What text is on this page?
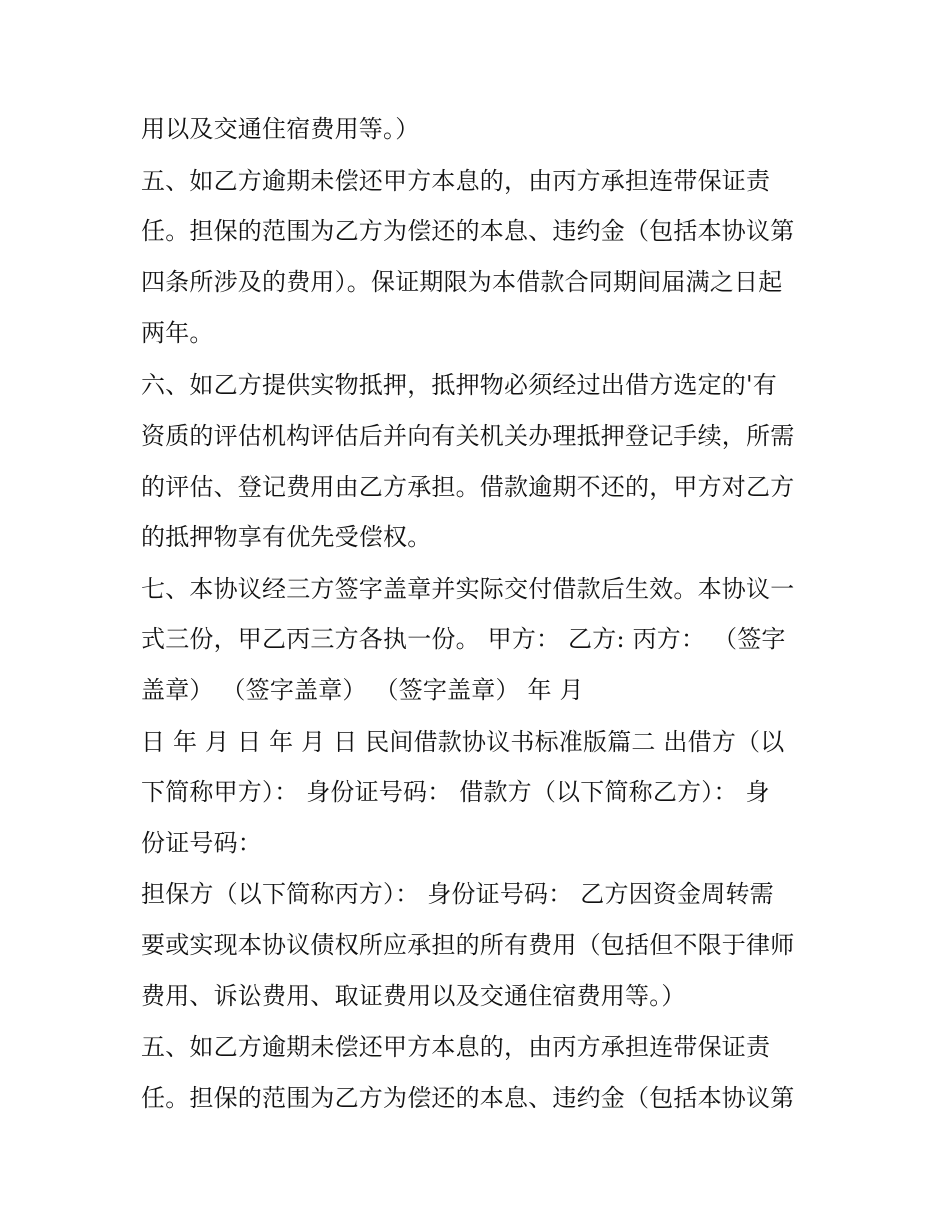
用以及交通住宿费用等。）
五、如乙方逾期未偿还甲方本息的，由丙方承担连带保证责
任。担保的范围为乙方为偿还的本息、违约金（包括本协议第
四条所涉及的费用）。保证期限为本借款合同期间届满之日起
两年。
六、如乙方提供实物抵押，抵押物必须经过出借方选定的'有
资质的评估机构评估后并向有关机关办理抵押登记手续，所需
的评估、登记费用由乙方承担。借款逾期不还的，甲方对乙方
的抵押物享有优先受偿权。
七、本协议经三方签字盖章并实际交付借款后生效。本协议一
式三份，甲乙丙三方各执一份。 甲方： 乙方: 丙方： （签字
盖章） （签字盖章） （签字盖章） 年 月
日 年 月 日 年 月 日 民间借款协议书标准版篇二 出借方（以
下简称甲方）： 身份证号码： 借款方（以下简称乙方）： 身
份证号码：
担保方（以下简称丙方）： 身份证号码： 乙方因资金周转需
要或实现本协议债权所应承担的所有费用（包括但不限于律师
费用、诉讼费用、取证费用以及交通住宿费用等。）
五、如乙方逾期未偿还甲方本息的，由丙方承担连带保证责
任。担保的范围为乙方为偿还的本息、违约金（包括本协议第
